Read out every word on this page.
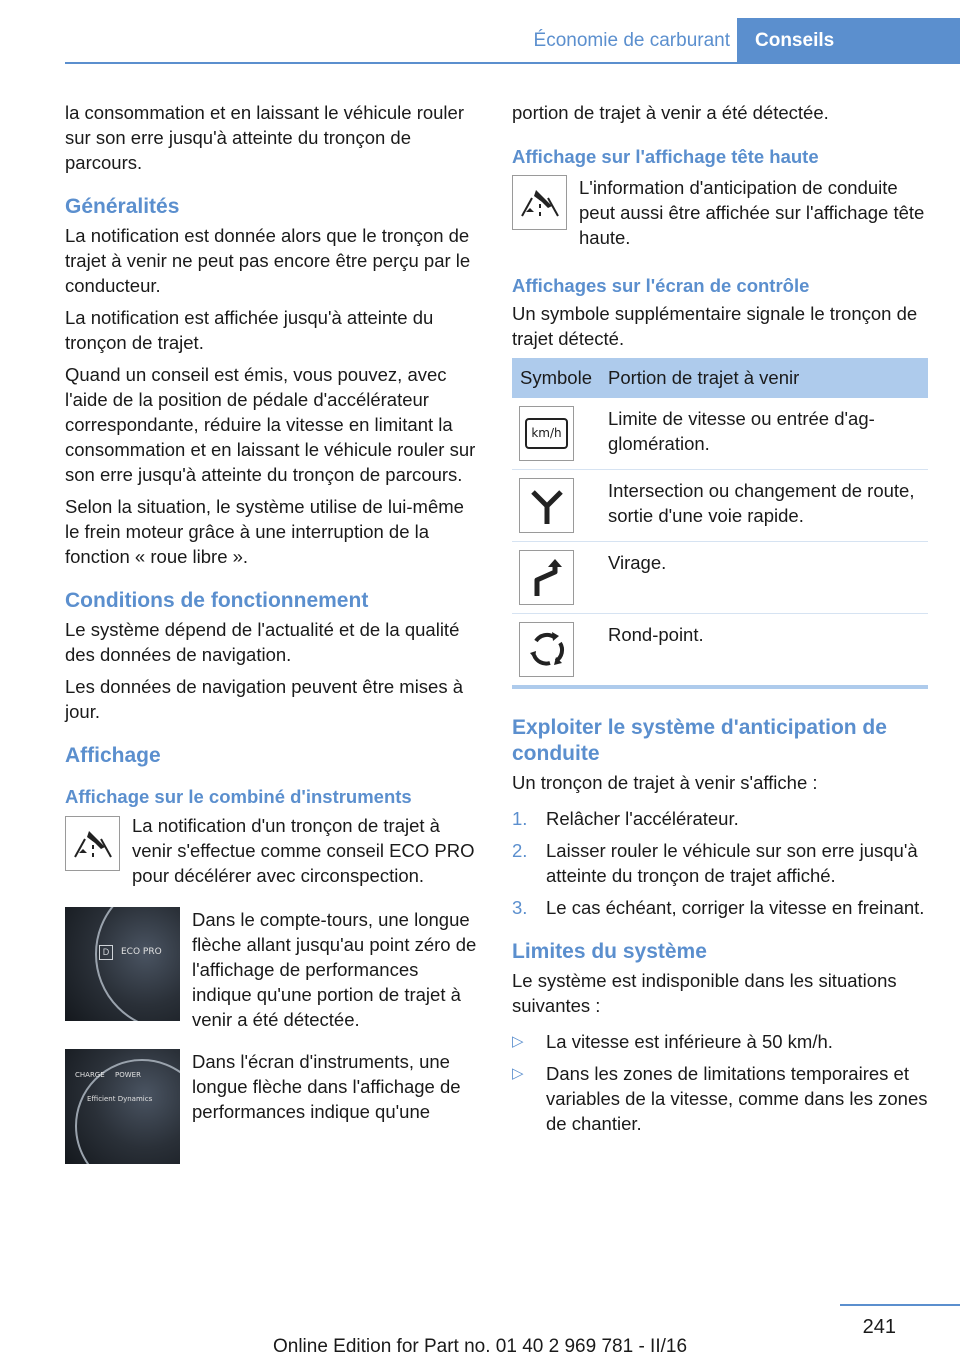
Économie de carburant	Conseils

la consommation et en laissant le véhicule rouler sur son erre jusqu'à atteinte du tronçon de parcours.

Généralités

La notification est donnée alors que le tronçon de trajet à venir ne peut pas encore être perçu par le conducteur.

La notification est affichée jusqu'à atteinte du tronçon de trajet.

Quand un conseil est émis, vous pouvez, avec l'aide de la position de pédale d'accélérateur correspondante, réduire la vitesse en limitant la consommation et en laissant le véhicule rouler sur son erre jusqu'à atteinte du tronçon de parcours.

Selon la situation, le système utilise de lui-même le frein moteur grâce à une interruption de la fonction « roue libre ».

Conditions de fonctionnement

Le système dépend de l'actualité et de la qualité des données de navigation.

Les données de navigation peuvent être mises à jour.

Affichage
Affichage sur le combiné d'instruments

La notification d'un tronçon de trajet à venir s'effectue comme conseil ECO PRO pour décélérer avec circonspection.

D	ECO PRO

Dans le compte-tours, une longue flèche allant jusqu'au point zéro de l'affichage de performances indique qu'une portion de trajet à venir a été détectée.

CHARGE POWER
Efficient Dynamics

Dans l'écran d'instruments, une longue flèche dans l'affichage de performances indique qu'une

portion de trajet à venir a été détectée.

Affichage sur l'affichage tête haute

L'information d'anticipation de conduite peut aussi être affichée sur l'affichage tête haute.

Affichages sur l'écran de contrôle

Un symbole supplémentaire signale le tronçon de trajet détecté.

Symbole	Portion de trajet à venir

km/h	Limite de vitesse ou entrée d'agglomération.

	Intersection ou changement de route, sortie d'une voie rapide.

	Virage.

	Rond-point.
Exploiter le système d'anticipation de conduite

Un tronçon de trajet à venir s'affiche :

1. Relâcher l'accélérateur.
2. Laisser rouler le véhicule sur son erre jusqu'à atteinte du tronçon de trajet affiché.
3. Le cas échéant, corriger la vitesse en freinant.
Limites du système

Le système est indisponible dans les situations suivantes :

▷ La vitesse est inférieure à 50 km/h.
▷ Dans les zones de limitations temporaires et variables de la vitesse, comme dans les zones de chantier.
241
Online Edition for Part no. 01 40 2 969 781 - II/16
